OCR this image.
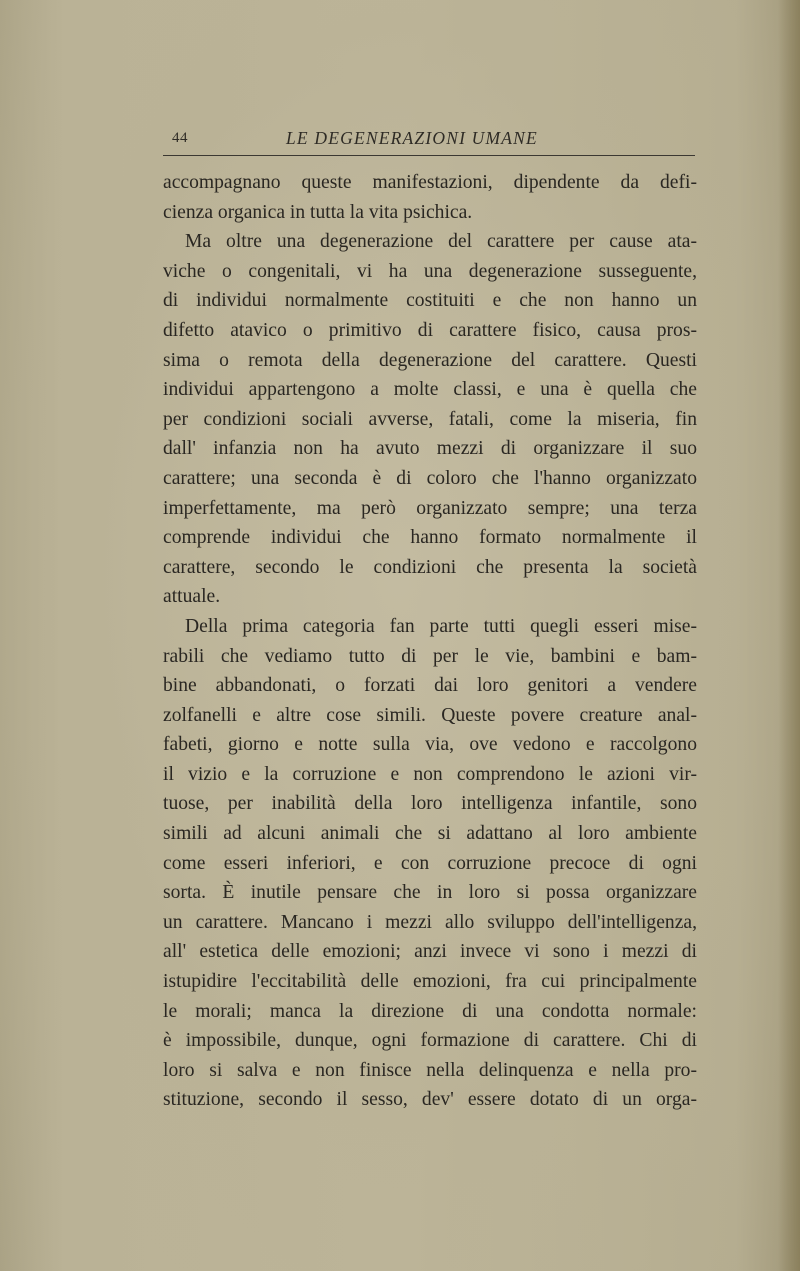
44	LE DEGENERAZIONI UMANE
accompagnano queste manifestazioni, dipendente da defi-
cienza organica in tutta la vita psichica.
Ma oltre una degenerazione del carattere per cause ata-
viche o congenitali, vi ha una degenerazione susseguente,
di individui normalmente costituiti e che non hanno un
difetto atavico o primitivo di carattere fisico, causa pros-
sima o remota della degenerazione del carattere. Questi
individui appartengono a molte classi, e una è quella che
per condizioni sociali avverse, fatali, come la miseria, fin
dall' infanzia non ha avuto mezzi di organizzare il suo
carattere; una seconda è di coloro che l'hanno organizzato
imperfettamente, ma però organizzato sempre; una terza
comprende individui che hanno formato normalmente il
carattere, secondo le condizioni che presenta la società
attuale.
Della prima categoria fan parte tutti quegli esseri mise-
rabili che vediamo tutto di per le vie, bambini e bam-
bine abbandonati, o forzati dai loro genitori a vendere
zolfanelli e altre cose simili. Queste povere creature anal-
fabeti, giorno e notte sulla via, ove vedono e raccolgono
il vizio e la corruzione e non comprendono le azioni vir-
tuose, per inabilità della loro intelligenza infantile, sono
simili ad alcuni animali che si adattano al loro ambiente
come esseri inferiori, e con corruzione precoce di ogni
sorta. È inutile pensare che in loro si possa organizzare
un carattere. Mancano i mezzi allo sviluppo dell'intelligenza,
all' estetica delle emozioni; anzi invece vi sono i mezzi di
istupidire l'eccitabilità delle emozioni, fra cui principalmente
le morali; manca la direzione di una condotta normale:
è impossibile, dunque, ogni formazione di carattere. Chi di
loro si salva e non finisce nella delinquenza e nella pro-
stituzione, secondo il sesso, dev' essere dotato di un orga-
